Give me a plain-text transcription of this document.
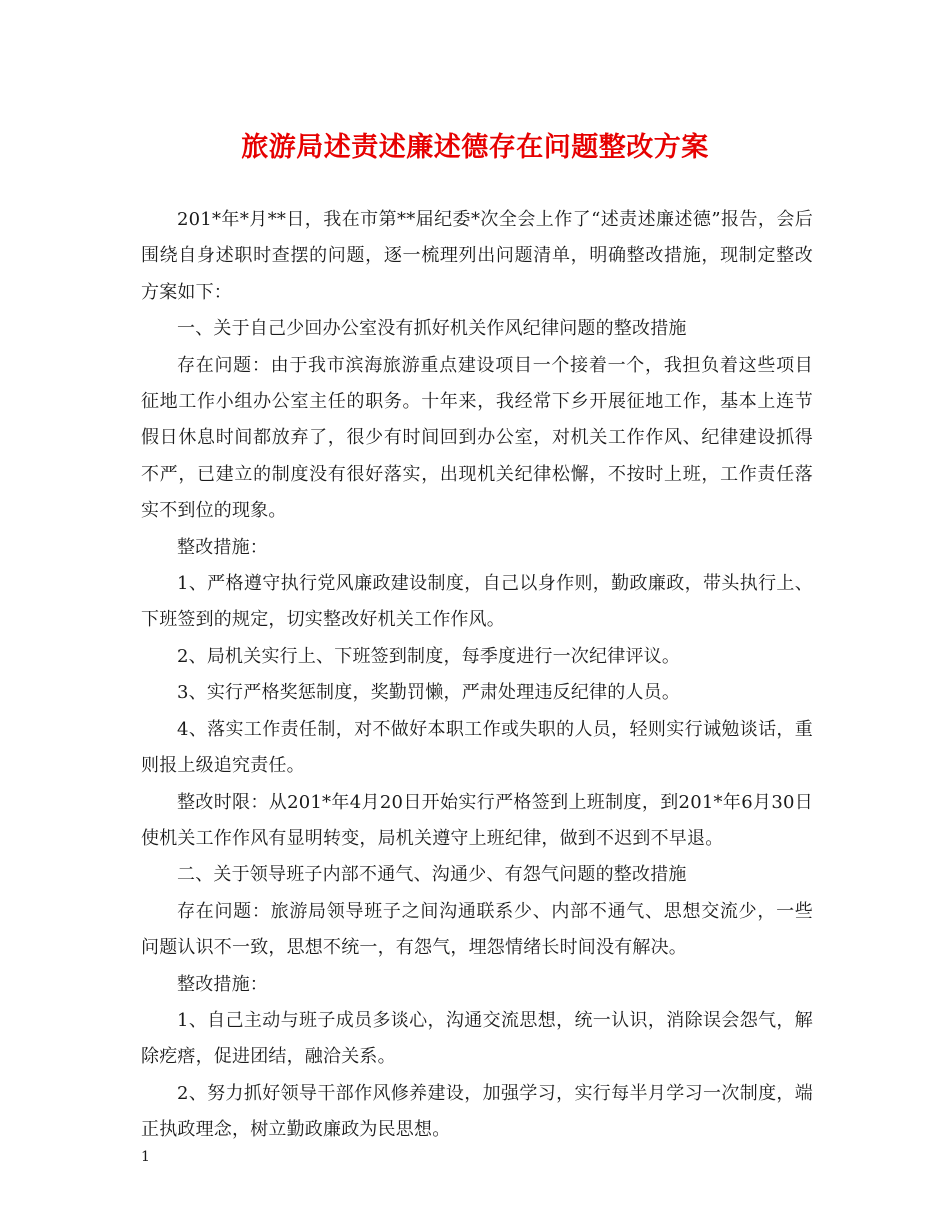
旅游局述责述廉述德存在问题整改方案

201*年*月**日，我在市第**届纪委*次全会上作了“述责述廉述德”报告，会后围绕自身述职时查摆的问题，逐一梳理列出问题清单，明确整改措施，现制定整改方案如下：

一、关于自己少回办公室没有抓好机关作风纪律问题的整改措施

存在问题：由于我市滨海旅游重点建设项目一个接着一个，我担负着这些项目征地工作小组办公室主任的职务。十年来，我经常下乡开展征地工作，基本上连节假日休息时间都放弃了，很少有时间回到办公室，对机关工作作风、纪律建设抓得不严，已建立的制度没有很好落实，出现机关纪律松懈，不按时上班，工作责任落实不到位的现象。

整改措施：

1、严格遵守执行党风廉政建设制度，自己以身作则，勤政廉政，带头执行上、下班签到的规定，切实整改好机关工作作风。

2、局机关实行上、下班签到制度，每季度进行一次纪律评议。

3、实行严格奖惩制度，奖勤罚懒，严肃处理违反纪律的人员。

4、落实工作责任制，对不做好本职工作或失职的人员，轻则实行诫勉谈话，重则报上级追究责任。

整改时限：从201*年4月20日开始实行严格签到上班制度，到201*年6月30日使机关工作作风有显明转变，局机关遵守上班纪律，做到不迟到不早退。

二、关于领导班子内部不通气、沟通少、有怨气问题的整改措施

存在问题：旅游局领导班子之间沟通联系少、内部不通气、思想交流少，一些问题认识不一致，思想不统一，有怨气，埋怨情绪长时间没有解决。

整改措施：

1、自己主动与班子成员多谈心，沟通交流思想，统一认识，消除误会怨气，解除疙瘩，促进团结，融洽关系。

2、努力抓好领导干部作风修养建设，加强学习，实行每半月学习一次制度，端正执政理念，树立勤政廉政为民思想。

1
